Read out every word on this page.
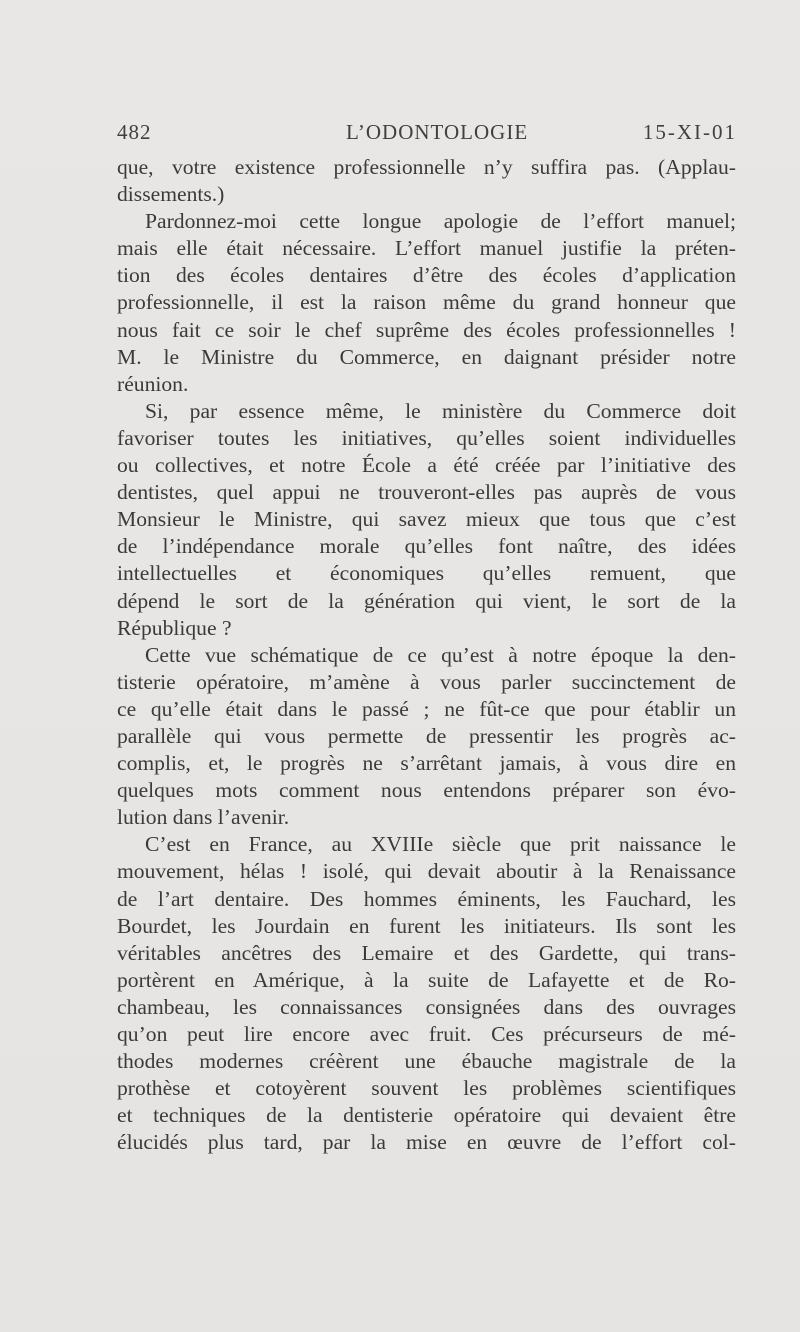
482	L’ODONTOLOGIE	15-XI-01
que, votre existence professionnelle n’y suffira pas. (Applau-
dissements.)
Pardonnez-moi cette longue apologie de l’effort manuel;
mais elle était nécessaire. L’effort manuel justifie la préten-
tion des écoles dentaires d’être des écoles d’application
professionnelle, il est la raison même du grand honneur que
nous fait ce soir le chef suprême des écoles professionnelles !
M. le Ministre du Commerce, en daignant présider notre
réunion.
Si, par essence même, le ministère du Commerce doit
favoriser toutes les initiatives, qu’elles soient individuelles
ou collectives, et notre École a été créée par l’initiative des
dentistes, quel appui ne trouveront-elles pas auprès de vous
Monsieur le Ministre, qui savez mieux que tous que c’est
de l’indépendance morale qu’elles font naître, des idées
intellectuelles et économiques qu’elles remuent, que
dépend le sort de la génération qui vient, le sort de la
République ?
Cette vue schématique de ce qu’est à notre époque la den-
tisterie opératoire, m’amène à vous parler succinctement de
ce qu’elle était dans le passé ; ne fût-ce que pour établir un
parallèle qui vous permette de pressentir les progrès ac-
complis, et, le progrès ne s’arrêtant jamais, à vous dire en
quelques mots comment nous entendons préparer son évo-
lution dans l’avenir.
C’est en France, au XVIIIe siècle que prit naissance le
mouvement, hélas ! isolé, qui devait aboutir à la Renaissance
de l’art dentaire. Des hommes éminents, les Fauchard, les
Bourdet, les Jourdain en furent les initiateurs. Ils sont les
véritables ancêtres des Lemaire et des Gardette, qui trans-
portèrent en Amérique, à la suite de Lafayette et de Ro-
chambeau, les connaissances consignées dans des ouvrages
qu’on peut lire encore avec fruit. Ces précurseurs de mé-
thodes modernes créèrent une ébauche magistrale de la
prothèse et cotoyèrent souvent les problèmes scientifiques
et techniques de la dentisterie opératoire qui devaient être
élucidés plus tard, par la mise en œuvre de l’effort col-
